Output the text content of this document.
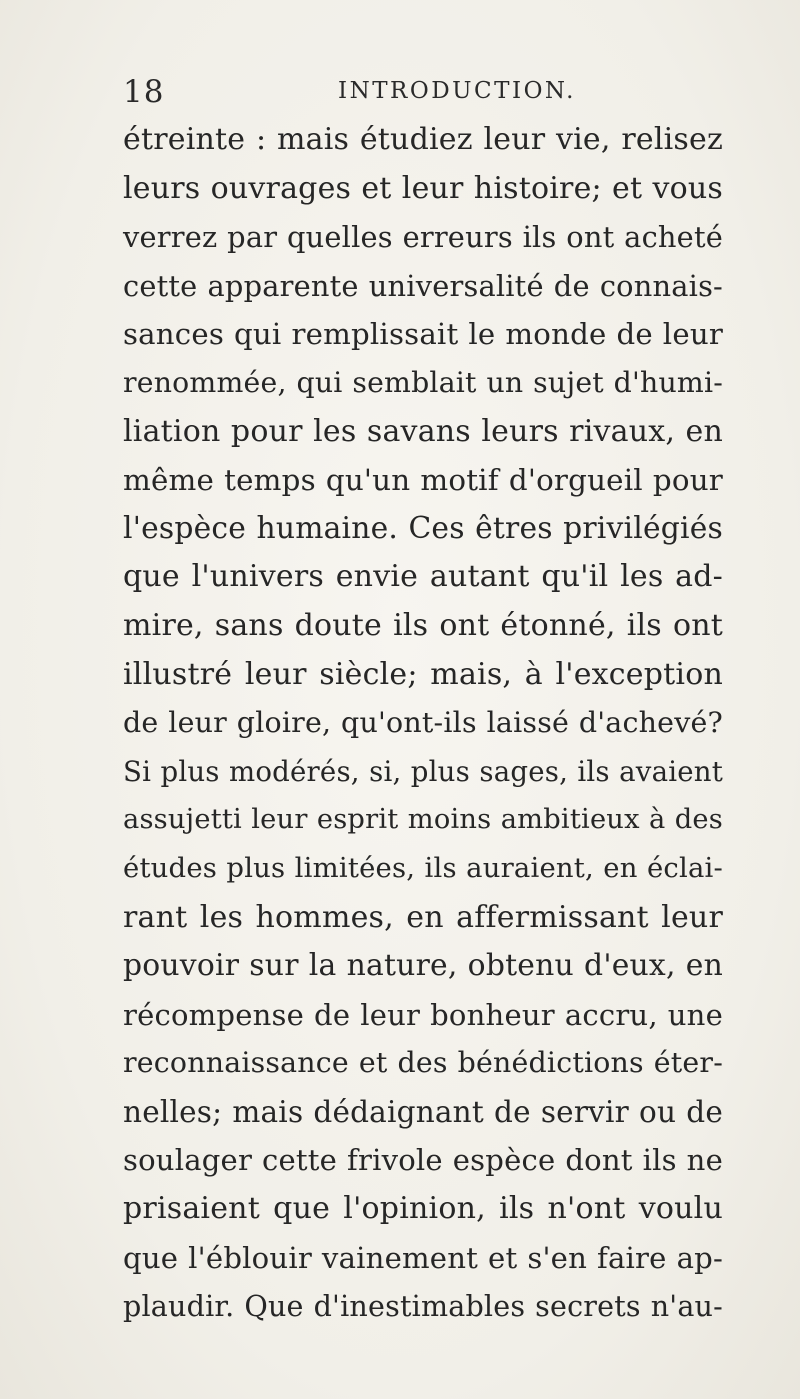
18	INTRODUCTION.
étreinte : mais étudiez leur vie, relisez
leurs ouvrages et leur histoire; et vous
verrez par quelles erreurs ils ont acheté
cette apparente universalité de connais-
sances qui remplissait le monde de leur
renommée, qui semblait un sujet d'humi-
liation pour les savans leurs rivaux, en
même temps qu'un motif d'orgueil pour
l'espèce humaine. Ces êtres privilégiés
que l'univers envie autant qu'il les ad-
mire, sans doute ils ont étonné, ils ont
illustré leur siècle; mais, à l'exception
de leur gloire, qu'ont-ils laissé d'achevé?
Si plus modérés, si, plus sages, ils avaient
assujetti leur esprit moins ambitieux à des
études plus limitées, ils auraient, en éclai-
rant les hommes, en affermissant leur
pouvoir sur la nature, obtenu d'eux, en
récompense de leur bonheur accru, une
reconnaissance et des bénédictions éter-
nelles; mais dédaignant de servir ou de
soulager cette frivole espèce dont ils ne
prisaient que l'opinion, ils n'ont voulu
que l'éblouir vainement et s'en faire ap-
plaudir. Que d'inestimables secrets n'au-
